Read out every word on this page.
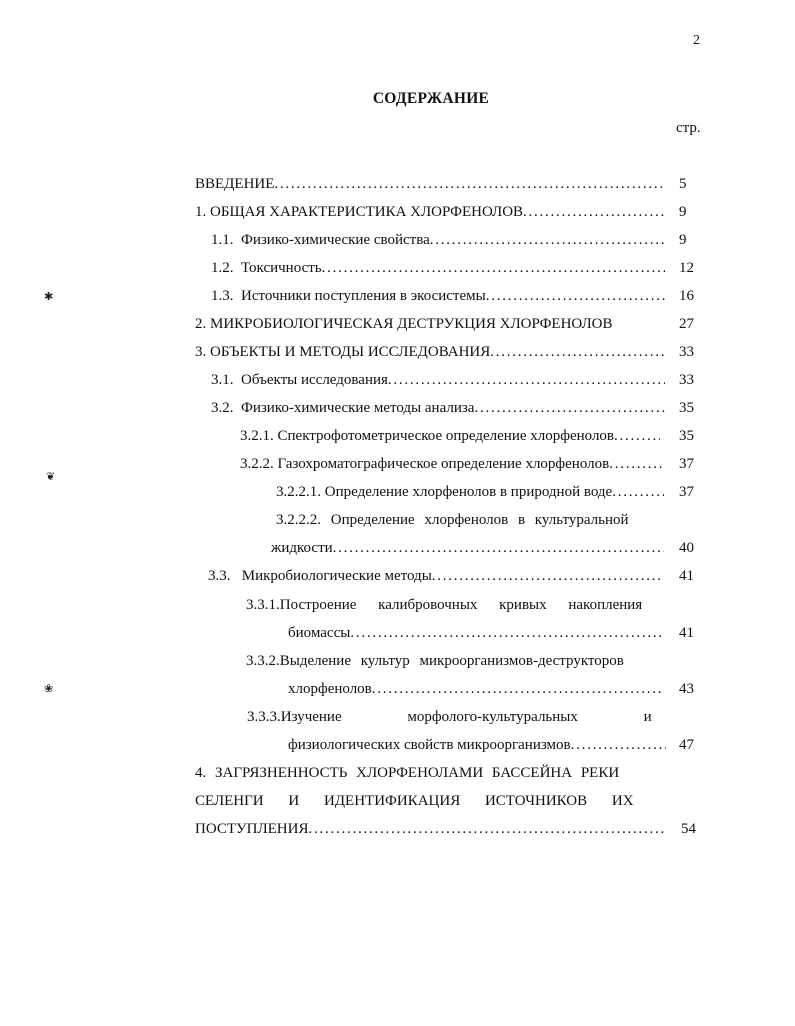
2
СОДЕРЖАНИЕ
стр.
✱
❦
❀
ВВЕДЕНИЕ . . .	5
1. ОБЩАЯ ХАРАКТЕРИСТИКА ХЛОРФЕНОЛОВ . . .	9
1.1.  Физико-химические свойства . . .	9
1.2.  Токсичность . . .	12
1.3.  Источники поступления в экосистемы . . .	16
2. МИКРОБИОЛОГИЧЕСКАЯ ДЕСТРУКЦИЯ ХЛОРФЕНОЛОВ	27
3. ОБЪЕКТЫ И МЕТОДЫ ИССЛЕДОВАНИЯ . . .	33
3.1.  Объекты исследования . . .	33
3.2.  Физико-химические методы анализа . . .	35
3.2.1. Спектрофотометрическое определение хлорфенолов . . .	35
3.2.2. Газохроматографическое определение хлорфенолов . . .	37
3.2.2.1. Определение хлорфенолов в природной воде . . .	37
3.2.2.2. Определение хлорфенолов в культуральной
жидкости . . .	40
3.3.   Микробиологические методы . . .	41
3.3.1.Построение калибровочных кривых накопления
биомассы . . .	41
3.3.2.Выделение культур микроорганизмов-деструкторов
хлорфенолов . . .	43
3.3.3.Изучение морфолого-культуральных и
физиологических свойств микроорганизмов . . .	47
4. ЗАГРЯЗНЕННОСТЬ ХЛОРФЕНОЛАМИ БАССЕЙНА РЕКИ
СЕЛЕНГИ И ИДЕНТИФИКАЦИЯ ИСТОЧНИКОВ ИХ
ПОСТУПЛЕНИЯ . . .	54
